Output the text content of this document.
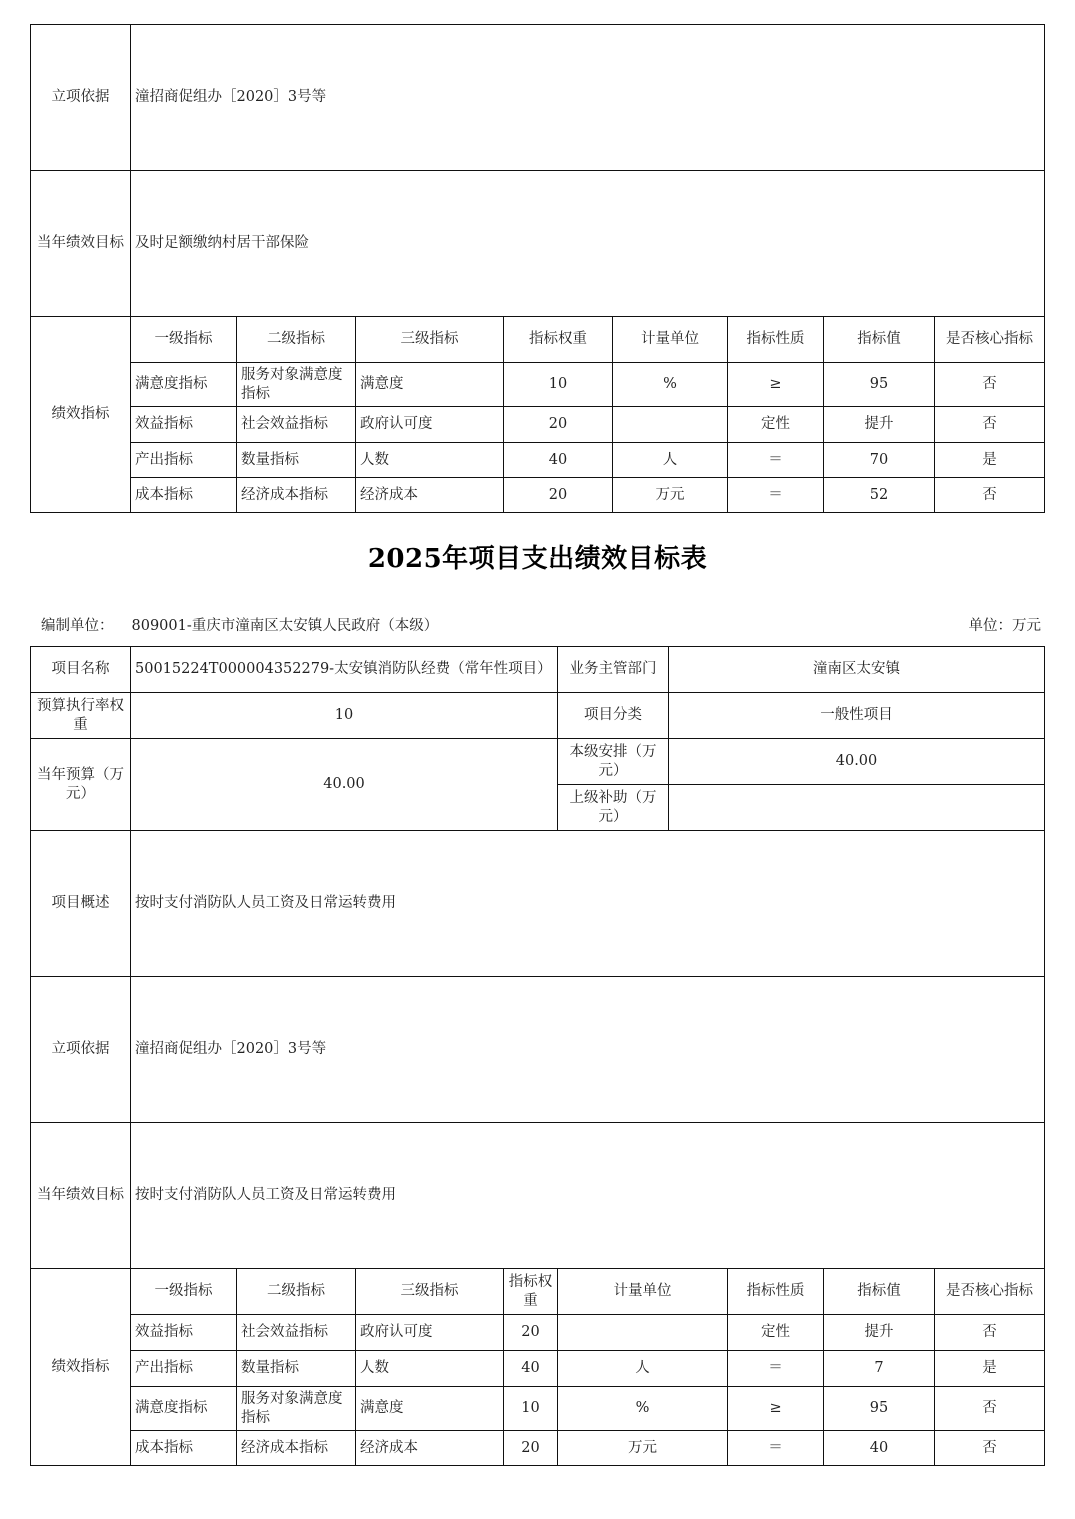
立项依据	潼招商促组办［2020］3号等							
当年绩效目标	及时足额缴纳村居干部保险							
绩效指标	一级指标	二级指标	三级指标	指标权重	计量单位	指标性质	指标值	是否核心指标
	满意度指标	服务对象满意度指标	满意度	10	%	≥	95	否
	效益指标	社会效益指标	政府认可度	20		定性	提升	否
	产出指标	数量指标	人数	40	人	＝	70	是
	成本指标	经济成本指标	经济成本	20	万元	＝	52	否
2025年项目支出绩效目标表
编制单位： 809001-重庆市潼南区太安镇人民政府（本级）	单位：万元
项目名称	50015224T000004352279-太安镇消防队经费（常年性项目）				业务主管部门	潼南区太安镇			
预算执行率权重	10				项目分类	一般性项目			
当年预算（万元）	40.00				本级安排（万元）	40.00			
					上级补助（万元）				
项目概述	按时支付消防队人员工资及日常运转费用								
立项依据	潼招商促组办［2020］3号等								
当年绩效目标	按时支付消防队人员工资及日常运转费用								
绩效指标	一级指标	二级指标	三级指标	指标权重	计量单位		指标性质	指标值	是否核心指标
	效益指标	社会效益指标	政府认可度	20			定性	提升	否
	产出指标	数量指标	人数	40	人		＝	7	是
	满意度指标	服务对象满意度指标	满意度	10	%		≥	95	否
	成本指标	经济成本指标	经济成本	20	万元		＝	40	否
